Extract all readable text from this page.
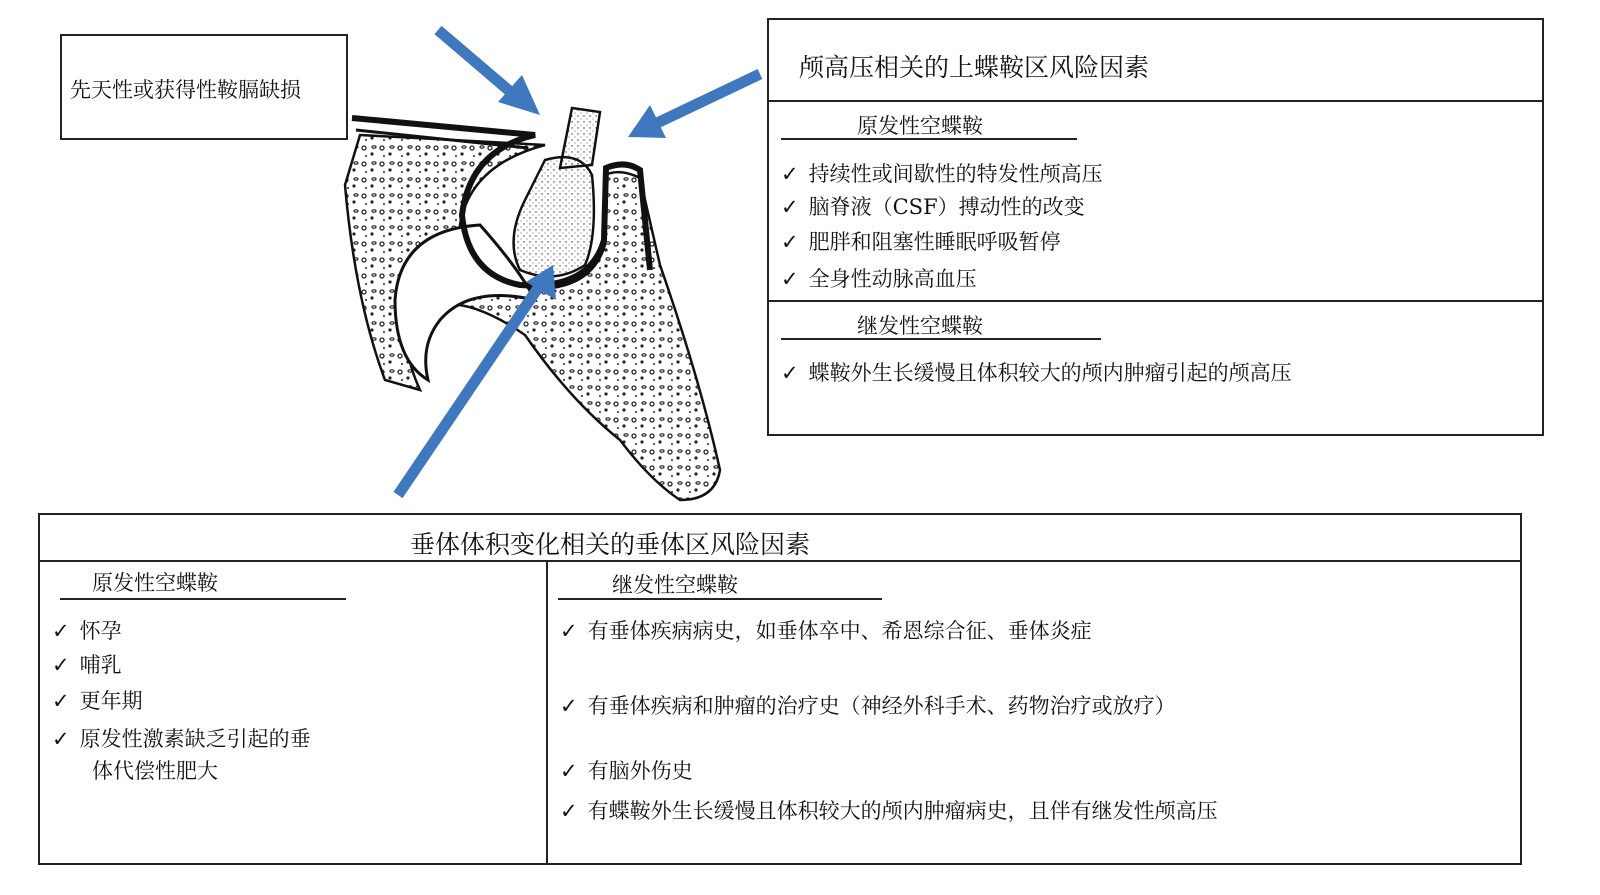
先天性或获得性鞍膈缺损
颅高压相关的上蝶鞍区风险因素
原发性空蝶鞍
✓ 持续性或间歇性的特发性颅高压
✓ 脑脊液（CSF）搏动性的改变
✓ 肥胖和阻塞性睡眠呼吸暂停
✓ 全身性动脉高血压
继发性空蝶鞍
✓ 蝶鞍外生长缓慢且体积较大的颅内肿瘤引起的颅高压
垂体体积变化相关的垂体区风险因素
原发性空蝶鞍
✓ 怀孕
✓ 哺乳
✓ 更年期
✓ 原发性激素缺乏引起的垂
体代偿性肥大
继发性空蝶鞍
✓ 有垂体疾病病史，如垂体卒中、希恩综合征、垂体炎症
✓ 有垂体疾病和肿瘤的治疗史（神经外科手术、药物治疗或放疗）
✓ 有脑外伤史
✓ 有蝶鞍外生长缓慢且体积较大的颅内肿瘤病史，且伴有继发性颅高压
